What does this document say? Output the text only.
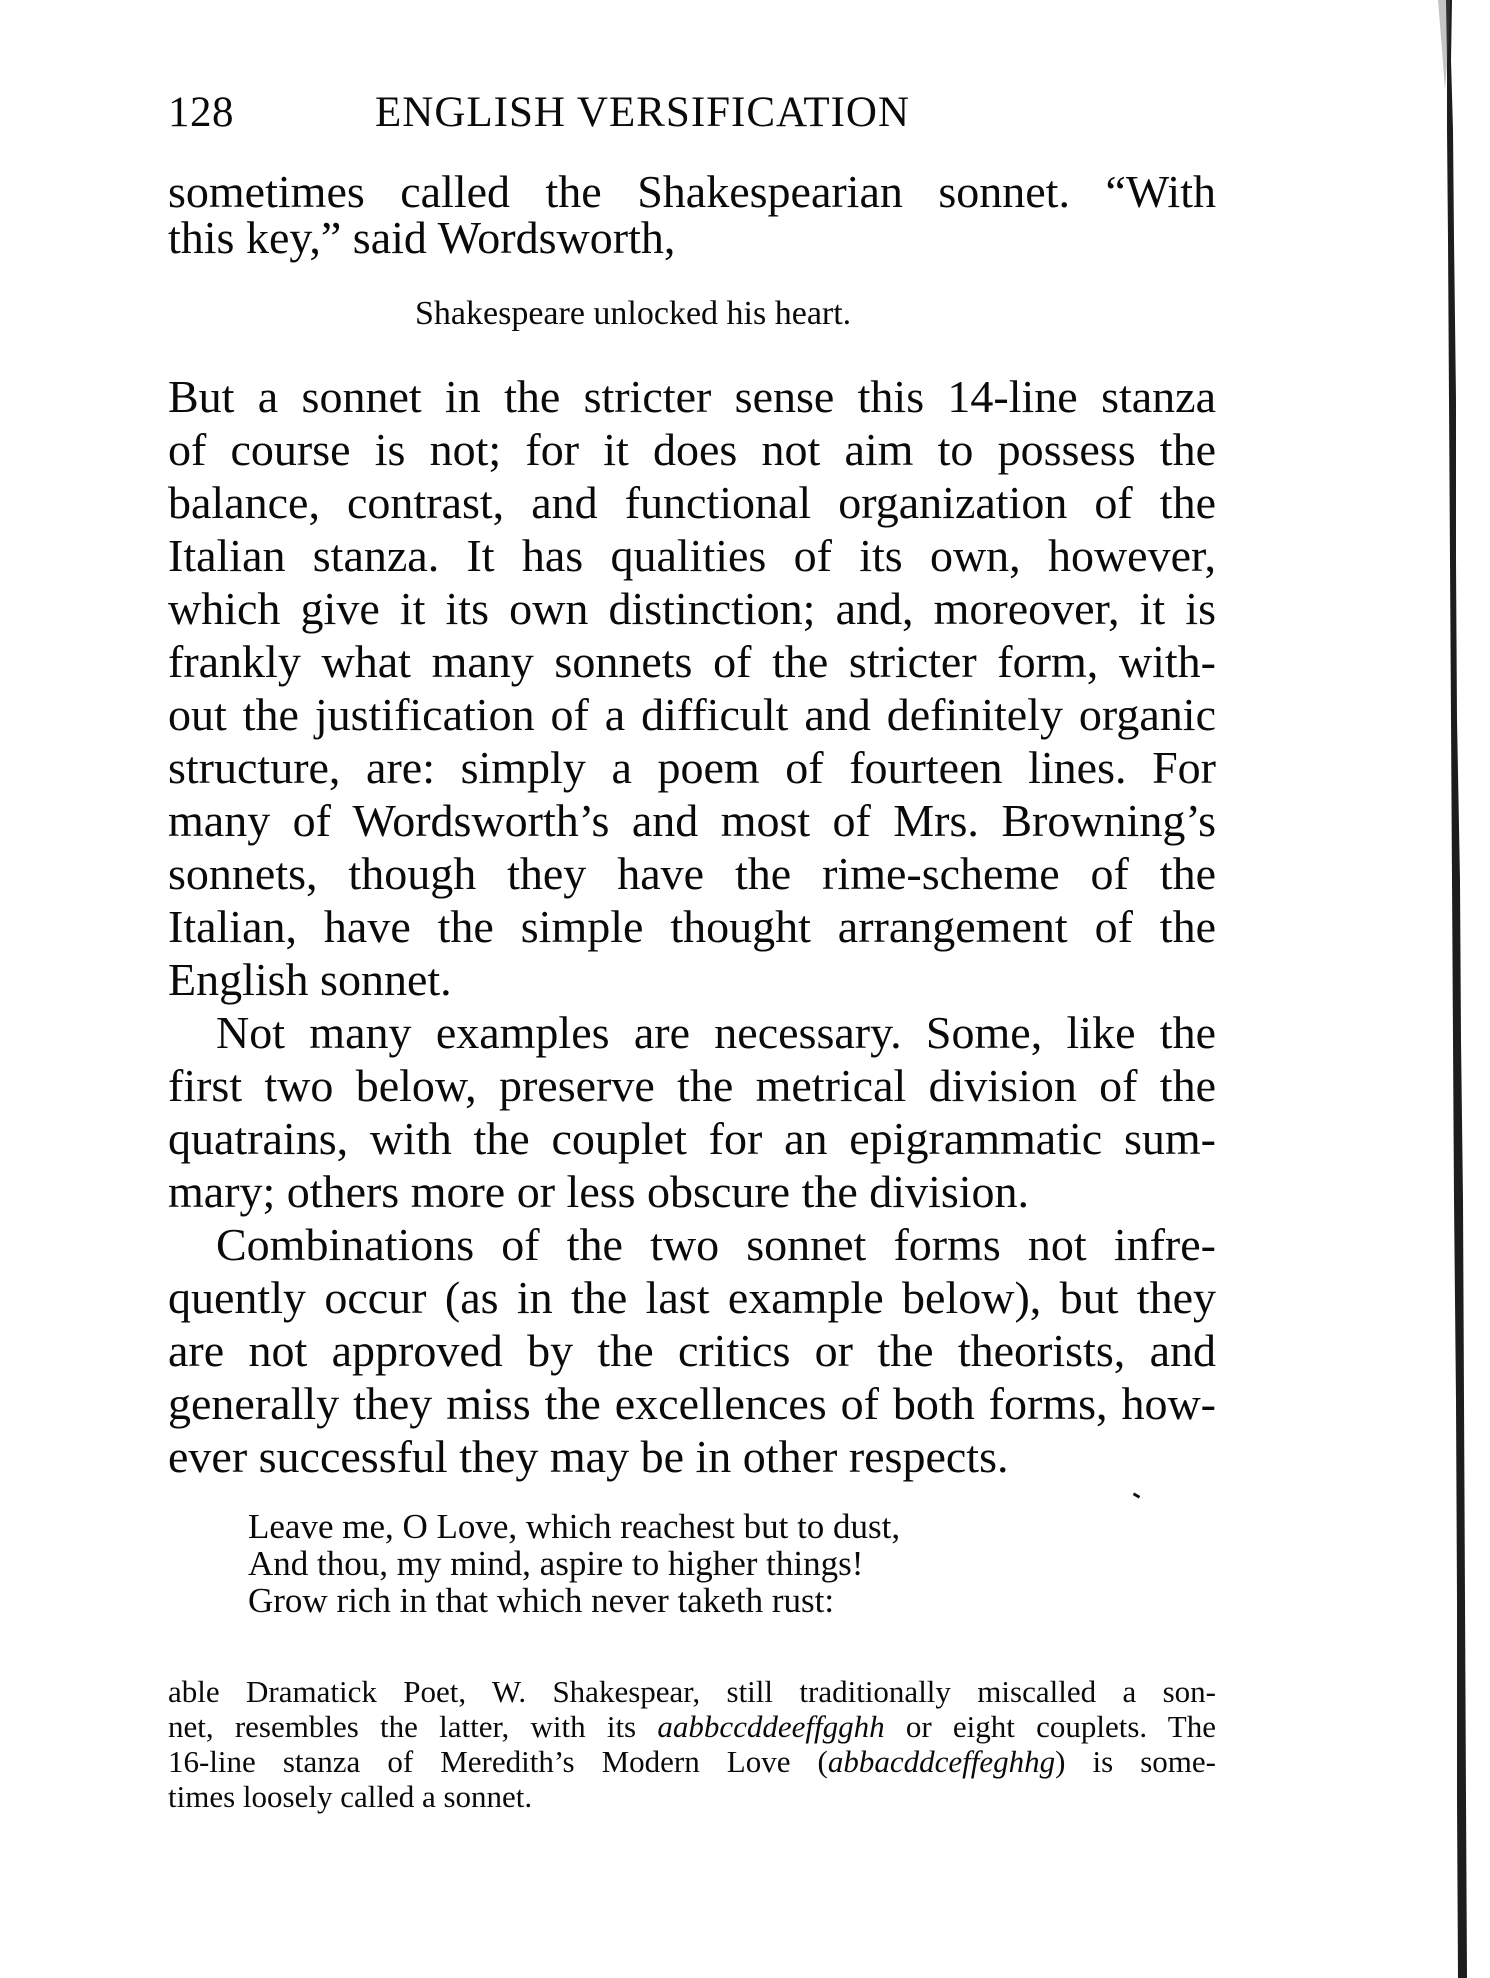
128	ENGLISH VERSIFICATION
sometimes called the Shakespearian sonnet. “With
this key,” said Wordsworth,
Shakespeare unlocked his heart.
But a sonnet in the stricter sense this 14-line stanza
of course is not; for it does not aim to possess the
balance, contrast, and functional organization of the
Italian stanza. It has qualities of its own, however,
which give it its own distinction; and, moreover, it is
frankly what many sonnets of the stricter form, with-
out the justification of a difficult and definitely organic
structure, are: simply a poem of fourteen lines. For
many of Wordsworth’s and most of Mrs. Browning’s
sonnets, though they have the rime-scheme of the
Italian, have the simple thought arrangement of the
English sonnet.
Not many examples are necessary. Some, like the
first two below, preserve the metrical division of the
quatrains, with the couplet for an epigrammatic sum-
mary; others more or less obscure the division.
Combinations of the two sonnet forms not infre-
quently occur (as in the last example below), but they
are not approved by the critics or the theorists, and
generally they miss the excellences of both forms, how-
ever successful they may be in other respects.
Leave me, O Love, which reachest but to dust,
And thou, my mind, aspire to higher things!
Grow rich in that which never taketh rust:
able Dramatick Poet, W. Shakespear, still traditionally miscalled a son-
net, resembles the latter, with its aabbccddeeffgghh or eight couplets. The
16-line stanza of Meredith’s Modern Love (abbacddceffeghhg) is some-
times loosely called a sonnet.
